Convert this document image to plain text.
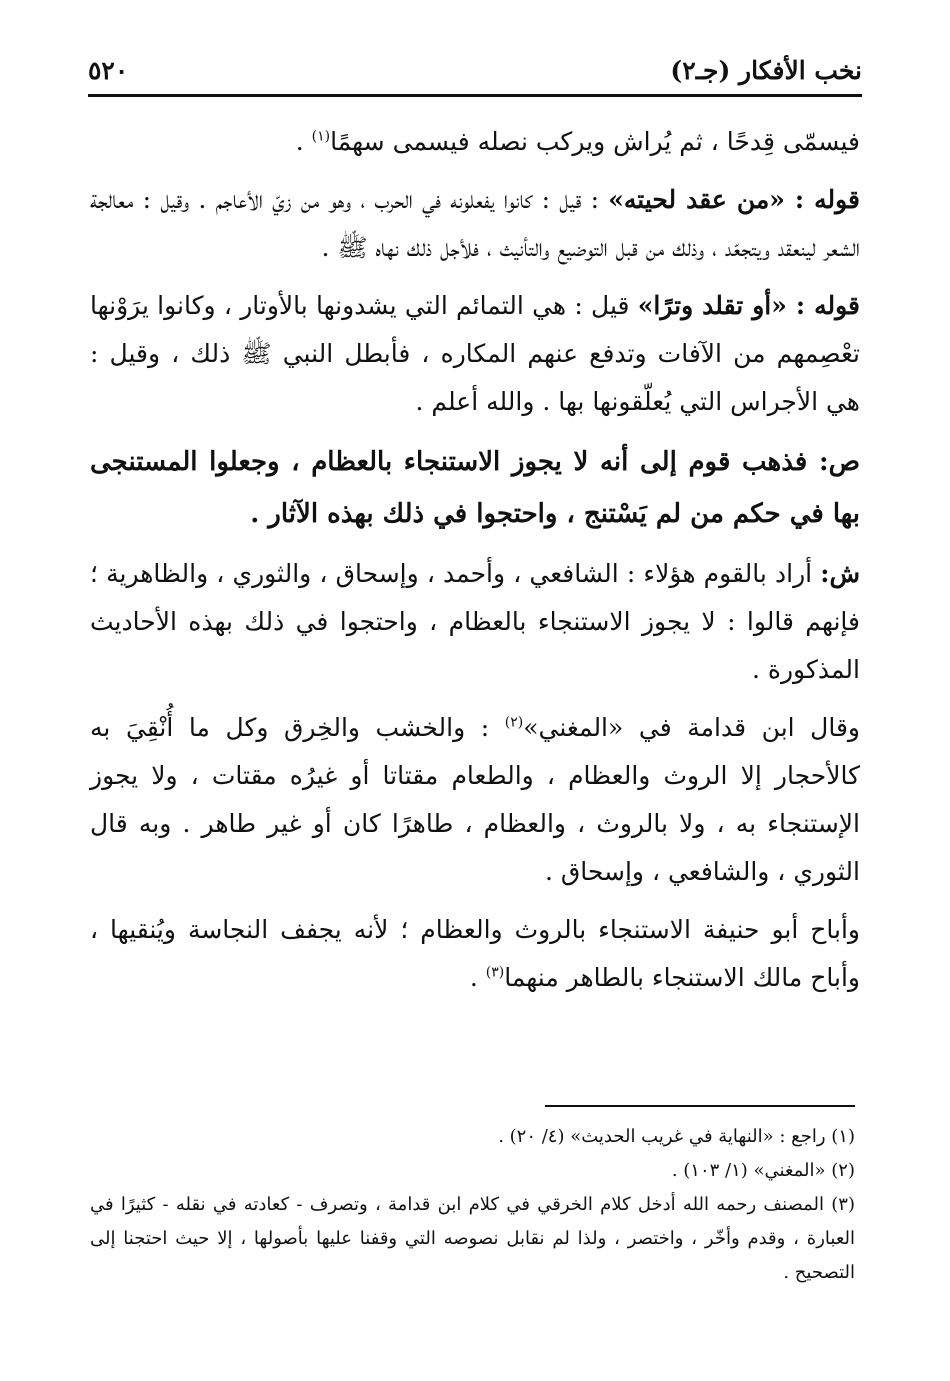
نخب الأفكار (جـ٢)
٥٢٠

فيسمّى قِدحًا ، ثم يُراش ويركب نصله فيسمى سهمًا$^{(١)}$ .

قوله : «من عقد لحيته» : قيل : كانوا يفعلونه في الحرب ، وهو من زيّ الأعاجم . وقيل : معالجة الشعر لينعقد ويتجعّد ، وذلك من قبل التوضيع والتأنيث ، فلأجل ذلك نهاه ﷺ .

قوله : «أو تقلد وترًا» قيل : هي التمائم التي يشدونها بالأوتار ، وكانوا يرَوْنها تعْصِمهم من الآفات وتدفع عنهم المكاره ، فأبطل النبي ﷺ ذلك ، وقيل : هي الأجراس التي يُعلّقونها بها . والله أعلم .

ص: فذهب قوم إلى أنه لا يجوز الاستنجاء بالعظام ، وجعلوا المستنجى بها في حكم من لم يَسْتنج ، واحتجوا في ذلك بهذه الآثار .

ش: أراد بالقوم هؤلاء : الشافعي ، وأحمد ، وإسحاق ، والثوري ، والظاهرية ؛ فإنهم قالوا : لا يجوز الاستنجاء بالعظام ، واحتجوا في ذلك بهذه الأحاديث المذكورة .

وقال ابن قدامة في «المغني»$^{(٢)}$ : والخشب والخِرق وكل ما أُنْقِيَ به كالأحجار إلا الروث والعظام ، والطعام مقتاتا أو غيرُه مقتات ، ولا يجوز الإستنجاء به ، ولا بالروث ، والعظام ، طاهرًا كان أو غير طاهر . وبه قال الثوري ، والشافعي ، وإسحاق .

وأباح أبو حنيفة الاستنجاء بالروث والعظام ؛ لأنه يجفف النجاسة ويُنقيها ، وأباح مالك الاستنجاء بالطاهر منهما$^{(٣)}$ .

(١) راجع : «النهاية في غريب الحديث» (٤/ ٢٠) .

(٢) «المغني» (١/ ١٠٣) .

(٣) المصنف رحمه الله أدخل كلام الخرقي في كلام ابن قدامة ، وتصرف - كعادته في نقله - كثيرًا في العبارة ، وقدم وأخّر ، واختصر ، ولذا لم نقابل نصوصه التي وقفنا عليها بأصولها ، إلا حيث احتجنا إلى التصحيح .
